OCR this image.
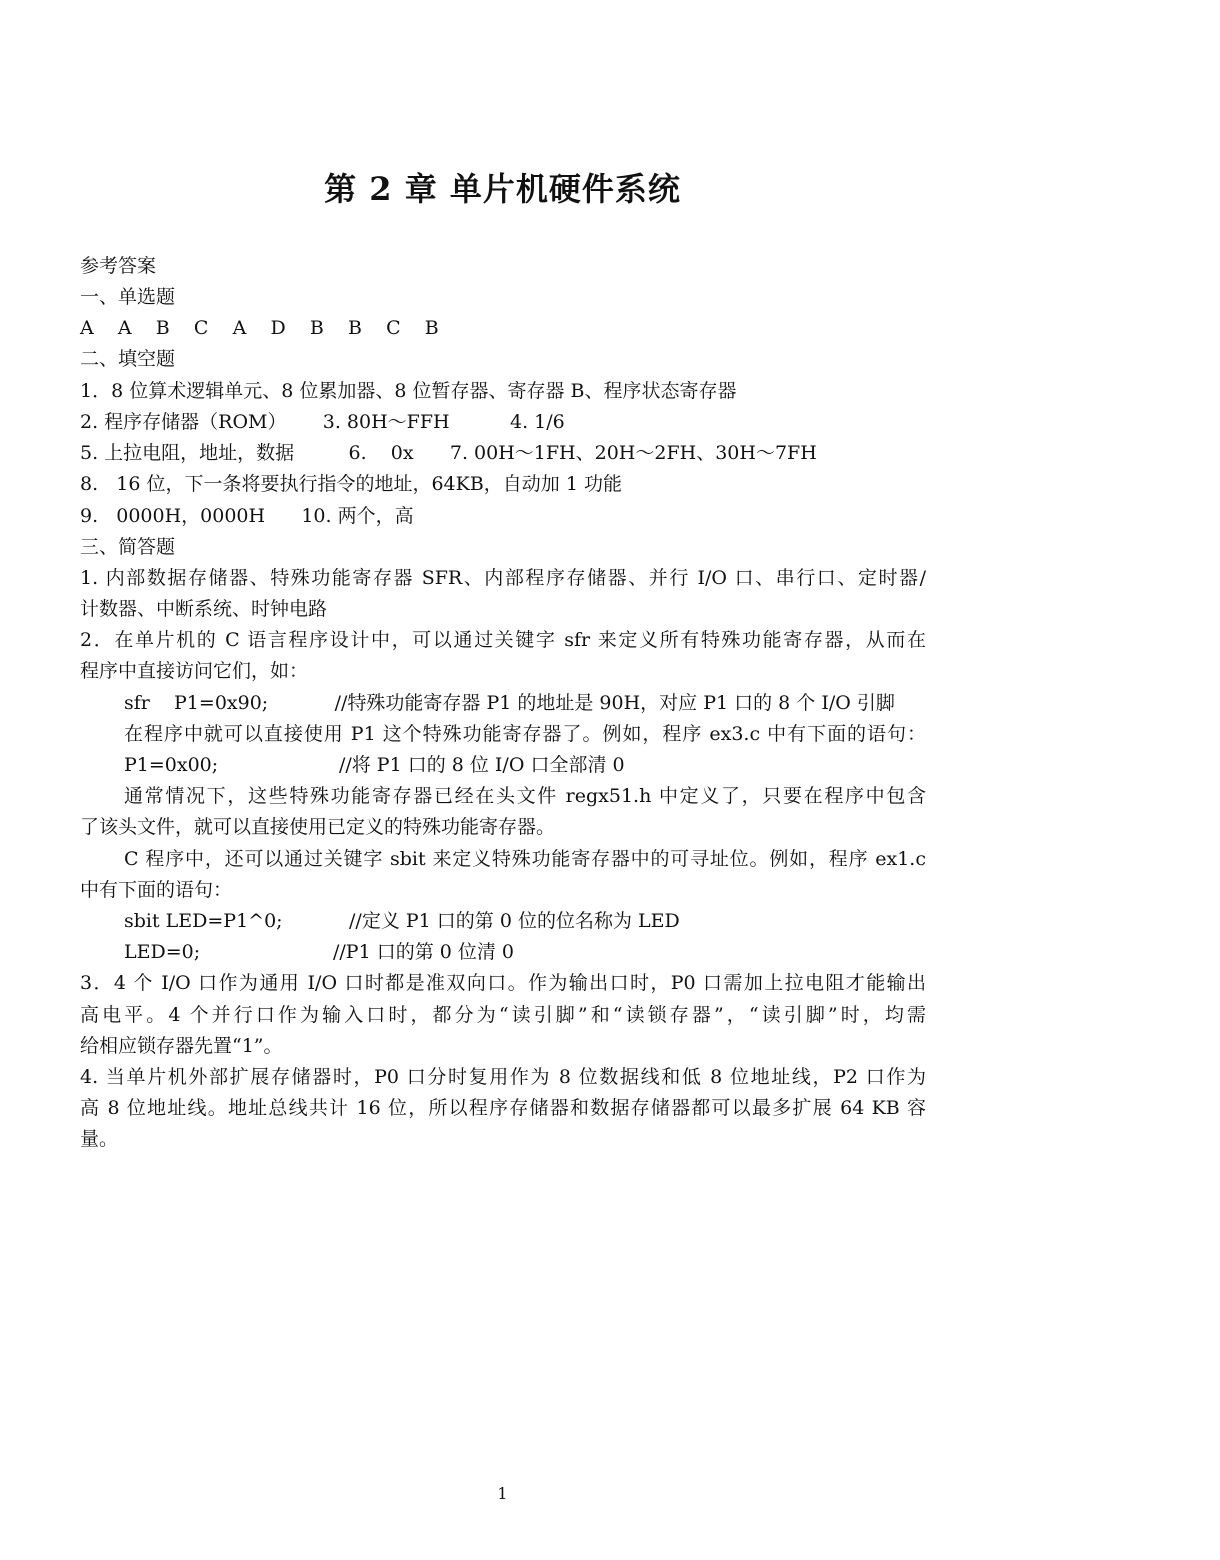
第 2 章 单片机硬件系统
参考答案
一、单选题
A    A    B    C    A    D    B    B    C    B
二、填空题
1．8 位算术逻辑单元、8 位累加器、8 位暂存器、寄存器 B、程序状态寄存器
2. 程序存储器（ROM）      3. 80H～FFH          4. 1/6
5. 上拉电阻，地址，数据         6.    0x      7. 00H～1FH、20H～2FH、30H～7FH
8.   16 位，下一条将要执行指令的地址，64KB，自动加 1 功能
9.   0000H，0000H      10. 两个，高
三、简答题
1. 内部数据存储器、特殊功能寄存器 SFR、内部程序存储器、并行 I/O 口、串行口、定时器/
计数器、中断系统、时钟电路
2．在单片机的 C 语言程序设计中，可以通过关键字 sfr 来定义所有特殊功能寄存器，从而在
程序中直接访问它们，如：
sfr    P1=0x90;           //特殊功能寄存器 P1 的地址是 90H，对应 P1 口的 8 个 I/O 引脚
在程序中就可以直接使用 P1 这个特殊功能寄存器了。例如，程序 ex3.c 中有下面的语句：
P1=0x00;                    //将 P1 口的 8 位 I/O 口全部清 0
通常情况下，这些特殊功能寄存器已经在头文件 regx51.h 中定义了，只要在程序中包含
了该头文件，就可以直接使用已定义的特殊功能寄存器。
C 程序中，还可以通过关键字 sbit 来定义特殊功能寄存器中的可寻址位。例如，程序 ex1.c
中有下面的语句：
sbit LED=P1^0;           //定义 P1 口的第 0 位的位名称为 LED
LED=0;                      //P1 口的第 0 位清 0
3．4 个 I/O 口作为通用 I/O 口时都是准双向口。作为输出口时，P0 口需加上拉电阻才能输出
高电平。4 个并行口作为输入口时，都分为“读引脚”和“读锁存器”，“读引脚”时，均需
给相应锁存器先置“1”。
4. 当单片机外部扩展存储器时，P0 口分时复用作为 8 位数据线和低 8 位地址线，P2 口作为
高 8 位地址线。地址总线共计 16 位，所以程序存储器和数据存储器都可以最多扩展 64 KB 容
量。
1
